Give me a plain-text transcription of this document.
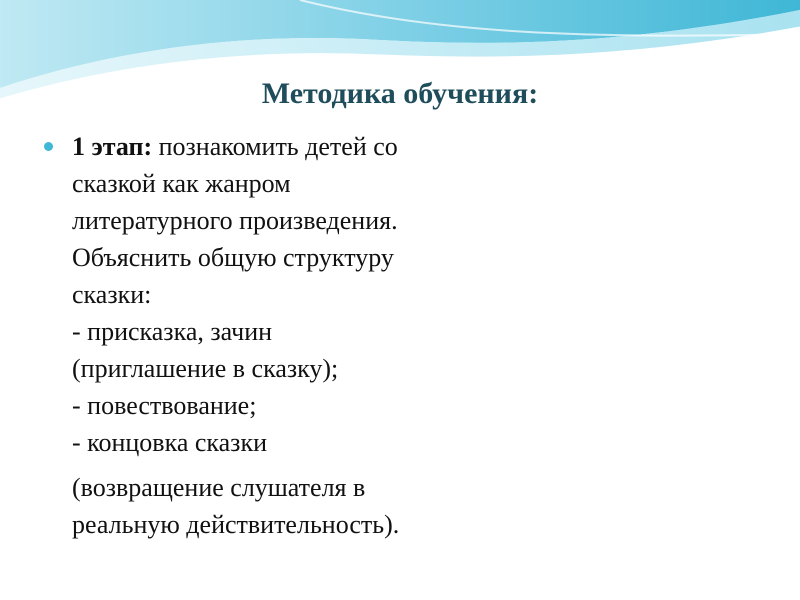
Методика обучения:
1 этап: познакомить детей со
сказкой как жанром
литературного произведения.
Объяснить общую структуру
сказки:
- присказка, зачин
(приглашение в сказку);
- повествование;
- концовка сказки
(возвращение слушателя в
реальную действительность).
